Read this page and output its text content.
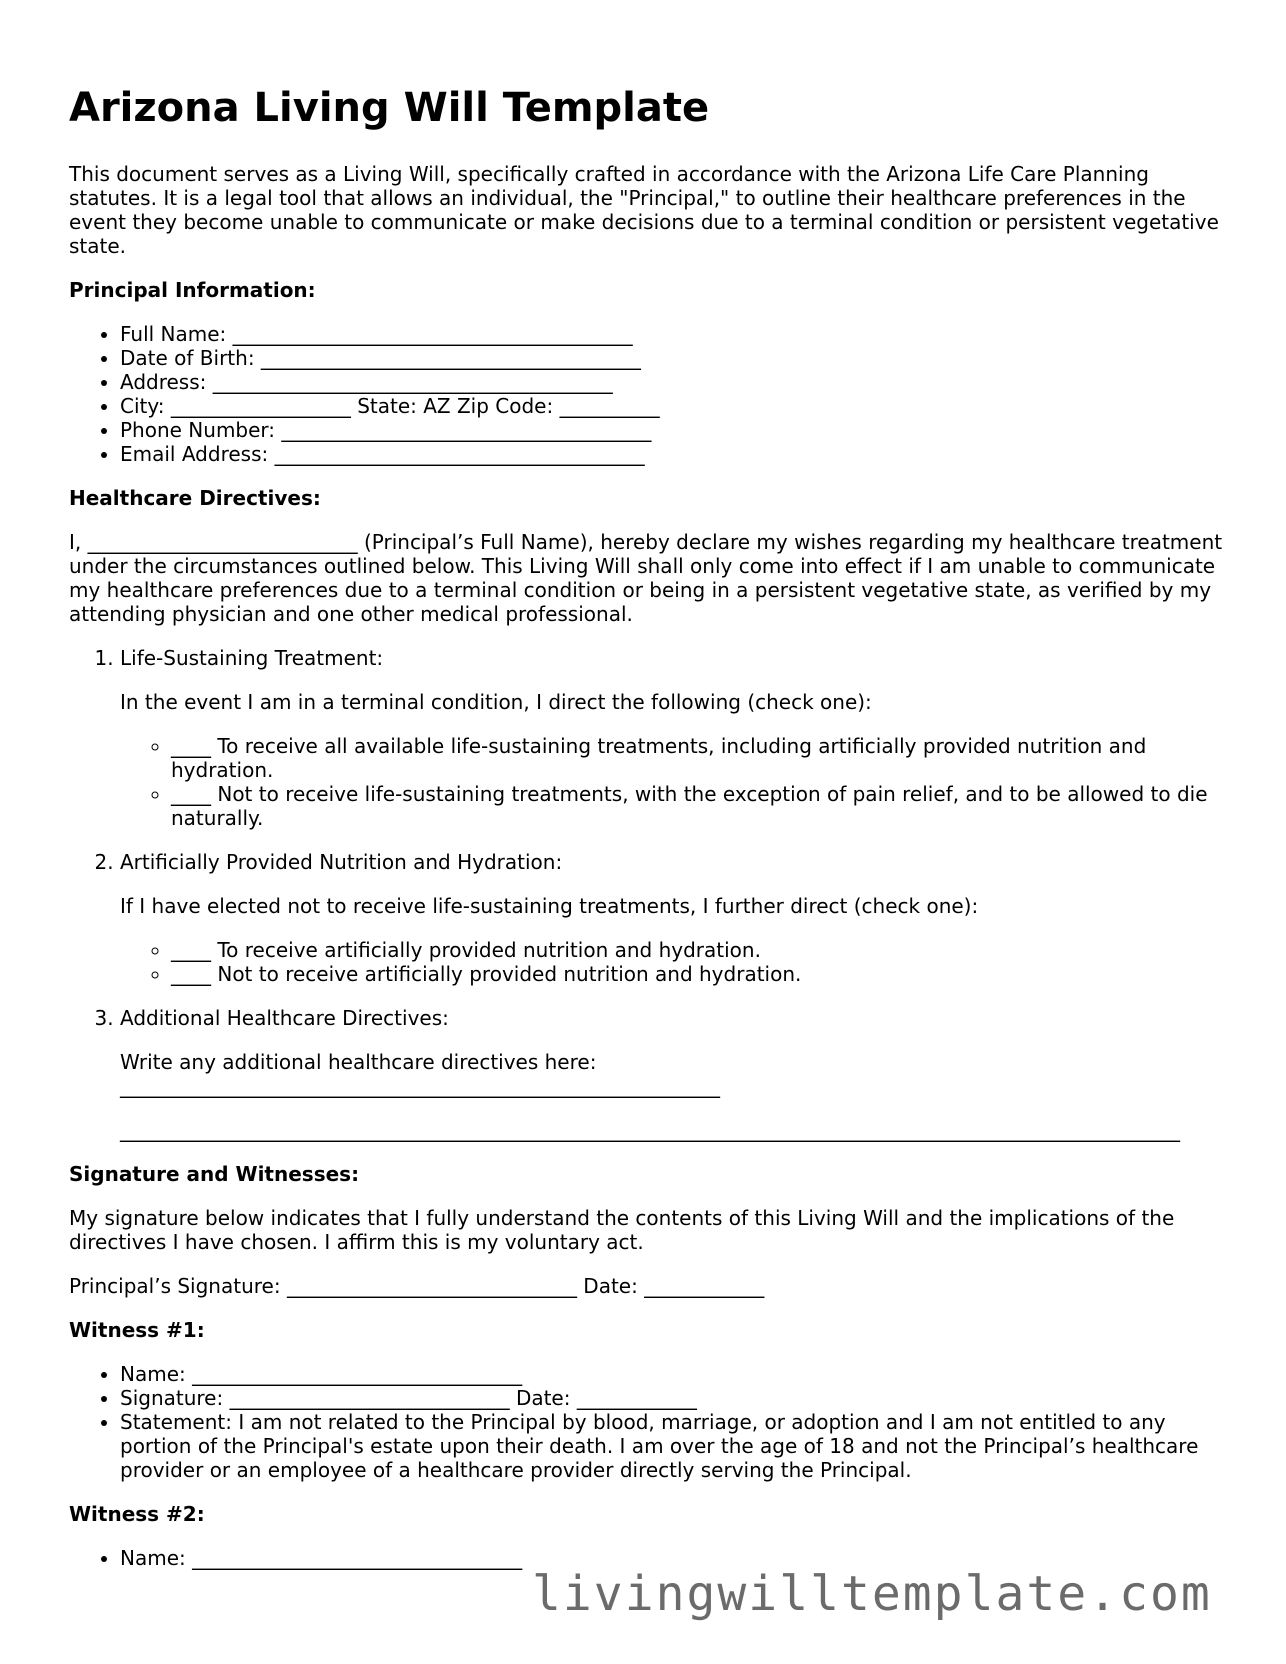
Arizona Living Will Template

This document serves as a Living Will, specifically crafted in accordance with the Arizona Life Care Planning statutes. It is a legal tool that allows an individual, the "Principal," to outline their healthcare preferences in the event they become unable to communicate or make decisions due to a terminal condition or persistent vegetative state.

Principal Information:

• Full Name: ________________________________________
• Date of Birth: ______________________________________
• Address: ________________________________________
• City: __________________ State: AZ Zip Code: __________
• Phone Number: _____________________________________
• Email Address: _____________________________________

Healthcare Directives:

I, ___________________________ (Principal’s Full Name), hereby declare my wishes regarding my healthcare treatment under the circumstances outlined below. This Living Will shall only come into effect if I am unable to communicate my healthcare preferences due to a terminal condition or being in a persistent vegetative state, as verified by my attending physician and one other medical professional.

1. Life-Sustaining Treatment:

In the event I am in a terminal condition, I direct the following (check one):

◦ ____ To receive all available life-sustaining treatments, including artificially provided nutrition and hydration.
◦ ____ Not to receive life-sustaining treatments, with the exception of pain relief, and to be allowed to die naturally.
2. Artificially Provided Nutrition and Hydration:

If I have elected not to receive life-sustaining treatments, I further direct (check one):

◦ ____ To receive artificially provided nutrition and hydration.
◦ ____ Not to receive artificially provided nutrition and hydration.
3. Additional Healthcare Directives:

Write any additional healthcare directives here:
____________________________________________________________

__________________________________________________________________________________________________________

Signature and Witnesses:

My signature below indicates that I fully understand the contents of this Living Will and the implications of the directives I have chosen. I affirm this is my voluntary act.

Principal’s Signature: _____________________________ Date: ____________

Witness #1:

• Name: _________________________________
• Signature: ____________________________ Date: ____________
• Statement: I am not related to the Principal by blood, marriage, or adoption and I am not entitled to any portion of the Principal's estate upon their death. I am over the age of 18 and not the Principal’s healthcare provider or an employee of a healthcare provider directly serving the Principal.

Witness #2:

• Name: _________________________________
livingwilltemplate.com
